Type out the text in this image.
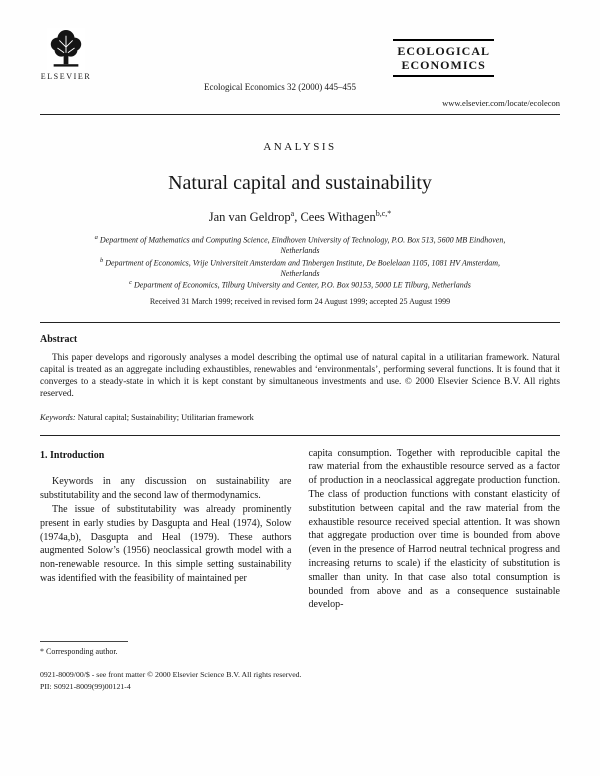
ELSEVIER
Ecological Economics 32 (2000) 445–455
ECOLOGICAL
ECONOMICS
www.elsevier.com/locate/ecolecon
ANALYSIS
Natural capital and sustainability
Jan van Geldrop$^a$, Cees Withagen$^{b,c,*}$
$^a$ Department of Mathematics and Computing Science, Eindhoven University of Technology, P.O. Box 513, 5600 MB Eindhoven, Netherlands
$^b$ Department of Economics, Vrije Universiteit Amsterdam and Tinbergen Institute, De Boelelaan 1105, 1081 HV Amsterdam, Netherlands
$^c$ Department of Economics, Tilburg University and Center, P.O. Box 90153, 5000 LE Tilburg, Netherlands
Received 31 March 1999; received in revised form 24 August 1999; accepted 25 August 1999
Abstract

This paper develops and rigorously analyses a model describing the optimal use of natural capital in a utilitarian framework. Natural capital is treated as an aggregate including exhaustibles, renewables and ‘environmentals’, performing several functions. It is found that it converges to a steady-state in which it is kept constant by simultaneous investments and use. © 2000 Elsevier Science B.V. All rights reserved.

Keywords: Natural capital; Sustainability; Utilitarian framework
1. Introduction

Keywords in any discussion on sustainability are substitutability and the second law of thermodynamics.

The issue of substitutability was already prominently present in early studies by Dasgupta and Heal (1974), Solow (1974a,b), Dasgupta and Heal (1979). These authors augmented Solow’s (1956) neoclassical growth model with a non-renewable resource. In this simple setting sustainability was identified with the feasibility of maintained per

* Corresponding author.

capita consumption. Together with reproducible capital the raw material from the exhaustible resource served as a factor of production in a neoclassical aggregate production function. The class of production functions with constant elasticity of substitution between capital and the raw material from the exhaustible resource received special attention. It was shown that aggregate production over time is bounded from above (even in the presence of Harrod neutral technical progress and increasing returns to scale) if the elasticity of substitution is smaller than unity. In that case also total consumption is bounded from above and as a consequence sustainable develop-

0921-8009/00/$ - see front matter © 2000 Elsevier Science B.V. All rights reserved.
PII: S0921-8009(99)00121-4
